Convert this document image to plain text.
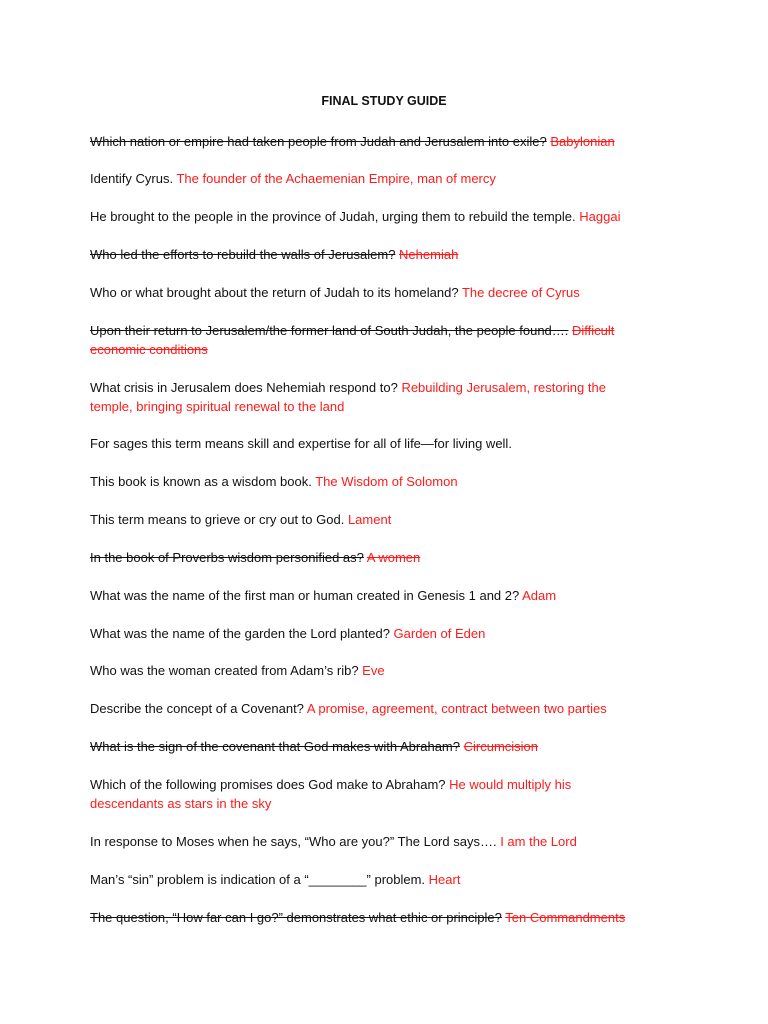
FINAL STUDY GUIDE
Which nation or empire had taken people from Judah and Jerusalem into exile? Babylonian
Identify Cyrus. The founder of the Achaemenian Empire, man of mercy
He brought to the people in the province of Judah, urging them to rebuild the temple. Haggai
Who led the efforts to rebuild the walls of Jerusalem? Nehemiah
Who or what brought about the return of Judah to its homeland? The decree of Cyrus
Upon their return to Jerusalem/the former land of South Judah, the people found…. Difficult economic conditions
What crisis in Jerusalem does Nehemiah respond to? Rebuilding Jerusalem, restoring the temple, bringing spiritual renewal to the land
For sages this term means skill and expertise for all of life—for living well.
This book is known as a wisdom book. The Wisdom of Solomon
This term means to grieve or cry out to God. Lament
In the book of Proverbs wisdom personified as? A women
What was the name of the first man or human created in Genesis 1 and 2? Adam
What was the name of the garden the Lord planted? Garden of Eden
Who was the woman created from Adam’s rib? Eve
Describe the concept of a Covenant? A promise, agreement, contract between two parties
What is the sign of the covenant that God makes with Abraham? Circumcision
Which of the following promises does God make to Abraham? He would multiply his descendants as stars in the sky
In response to Moses when he says, “Who are you?” The Lord says…. I am the Lord
Man’s “sin” problem is indication of a “________” problem. Heart
The question, “How far can I go?” demonstrates what ethic or principle? Ten Commandments
